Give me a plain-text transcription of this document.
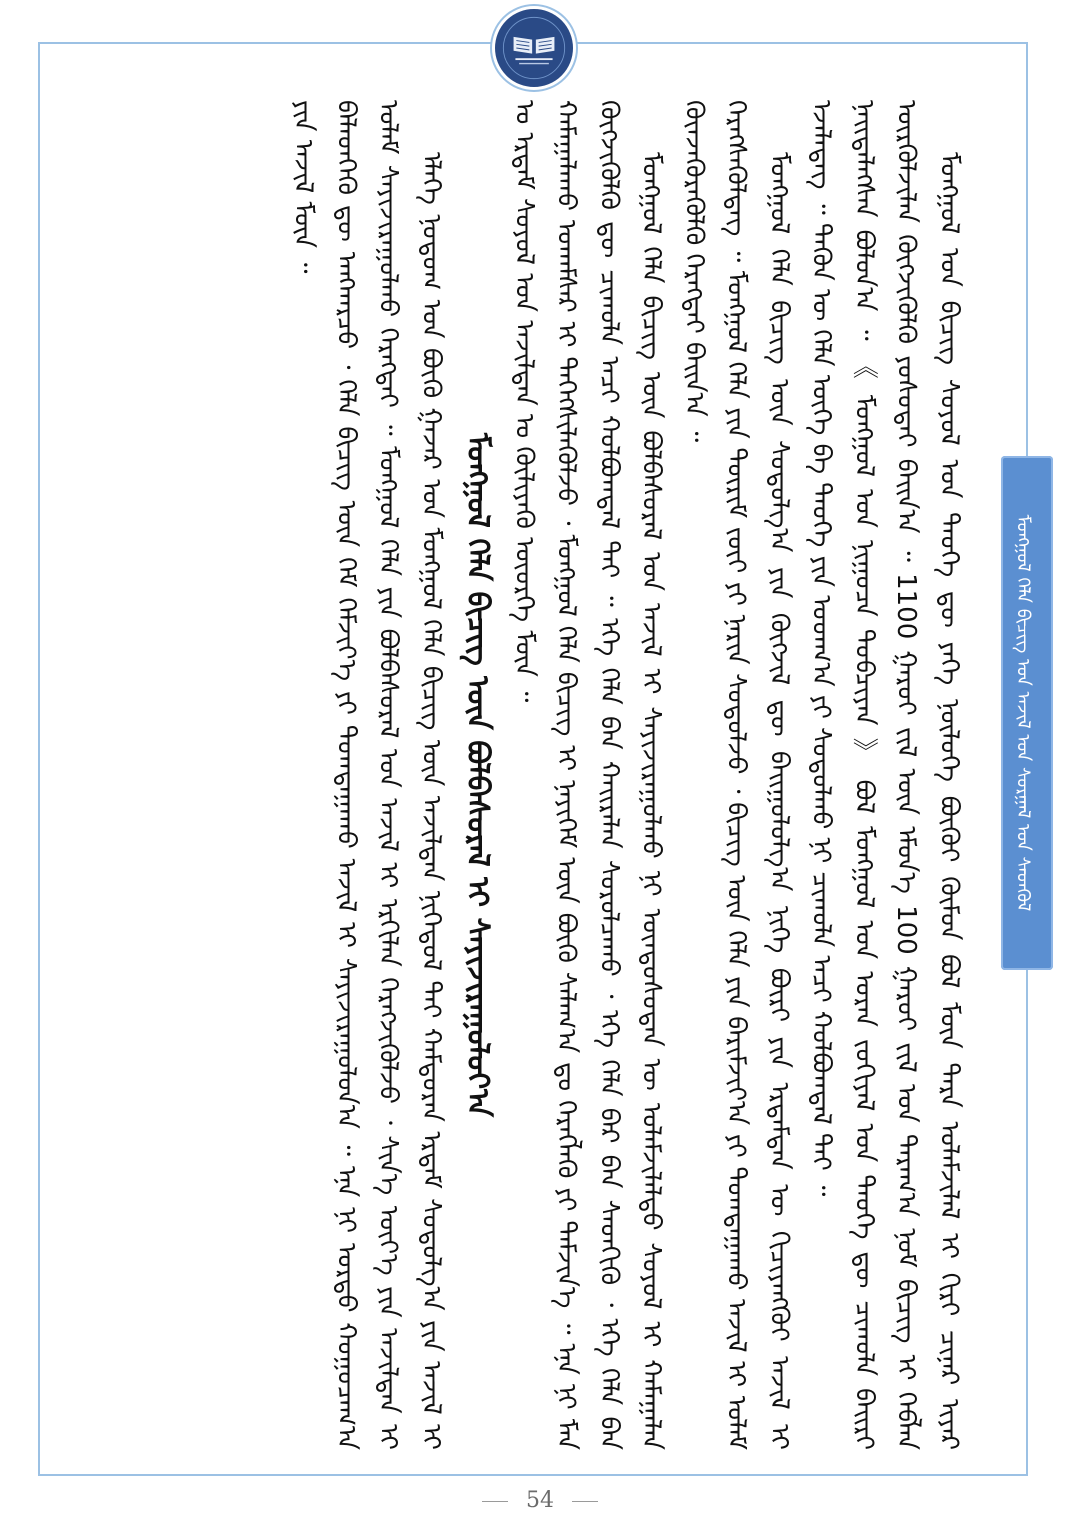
ᠮᠣᠩᠭᠣᠯ ᠬᠡᠯᠡ ᠪᠢᠴᠢᠭ ᠤᠨ ᠠᠵᠢᠯ ᠤᠨ ᠰᠤᠷᠭᠠᠯ ᠤᠨ ᠰᠡᠳᠬᠦᠯ

ᠮᠣᠩᠭᠣᠯ ᠤᠨ ᠪᠢᠴᠢᠭ ᠰᠣᠶᠣᠯ ᠤᠨ ᠲᠡᠦᠬᠡ ᠳᠦ ᠶᠡᠬᠡ ᠨᠥᠯᠦᠭᠡ ᠪᠦᠬᠦᠢ ᠬᠦᠮᠦᠨ ᠪᠣᠯ ᠮᠥᠨ ᠲᠡᠷᠡ ᠤᠯᠠᠮᠵᠢᠯᠠᠯ ᠢ ᠬᠢᠷᠢ ᠴᠢᠨᠠᠷ ᠢᠶᠠᠷ ᠦᠷᠭᠦᠯᠵᠢᠯᠡᠨ ᠬᠥᠭᠵᠢᠭᠦᠯᠬᠦ ᠶᠤᠰᠤᠲᠠᠢ ᠪᠠᠢᠨ᠎ᠠ ᠃ 1100 ᠭᠠᠷᠤᠢ ᠵᠢᠯ ᠦᠨ ᠡᠮᠦᠨ᠎ᠡ 100 ᠭᠠᠷᠤᠢ ᠵᠢᠯ ᠤᠨ ᠳᠠᠷᠠᠭ᠎ᠠ ᠨᠣᠮ ᠪᠢᠴᠢᠭ ᠢ ᠬᠡᠪᠯᠡᠨ ᠨᠡᠢᠲᠡᠯᠡᠭᠰᠡᠨ ᠪᠣᠯᠤᠨ᠎ᠠ ᠃ 《 ᠮᠣᠩᠭᠣᠯ ᠤᠨ ᠨᠢᠭᠤᠴᠠ ᠲᠣᠪᠴᠢᠶᠠᠨ 》 ᠪᠣᠯ ᠮᠣᠩᠭᠣᠯ ᠤᠨ ᠤᠷᠠᠨ ᠵᠣᠬᠢᠶᠠᠯ ᠤᠨ ᠲᠡᠦᠬᠡ ᠳᠦ ᠴᠢᠬᠤᠯᠠ ᠪᠠᠢᠷᠢ ᠡᠵᠡᠯᠡᠳᠡᠭ ᠃ ᠲᠡᠭᠦᠨ ᠦ ᠬᠡᠯᠡ ᠦᠭᠡ ᠪᠠ ᠲᠡᠦᠬᠡ ᠶᠢᠨ ᠤᠳᠬ᠎ᠠ ᠶᠢ ᠰᠤᠳᠤᠯᠬᠤ ᠨᠢ ᠴᠢᠬᠤᠯᠠ ᠠᠴᠢ ᠬᠣᠯᠪᠣᠭᠳᠠᠯ ᠲᠠᠢ ᠃

ᠮᠣᠩᠭᠣᠯ ᠬᠡᠯᠡ ᠪᠢᠴᠢᠭ ᠦᠨ ᠰᠤᠳᠤᠯᠭ᠎ᠠ ᠶᠢᠨ ᠬᠥᠭᠵᠢᠯ ᠳᠦ ᠪᠠᠢᠭᠤᠯᠤᠯᠭ᠎ᠠ ᠨᠢᠭᠡ ᠪᠦᠷᠢ ᠶᠢᠨ ᠡᠷᠳᠡᠮᠲᠡᠨ ᠦ ᠬᠢᠴᠢᠶᠡᠩᠭᠦᠢ ᠠᠵᠢᠯ ᠢ ᠬᠡᠷᠡᠭᠰᠡᠭᠦᠯᠳᠡᠭ ᠃ ᠮᠣᠩᠭᠣᠯ ᠬᠡᠯᠡ ᠶᠢᠨ ᠳᠦᠷᠢᠮ ᠵᠦᠢ ᠶᠢ ᠨᠠᠷᠢᠨ ᠰᠤᠳᠤᠯᠵᠤ ᠂ ᠪᠢᠴᠢᠭ ᠦᠨ ᠬᠡᠯᠡ ᠶᠢᠨ ᠪᠠᠷᠢᠮᠵᠢᠶ᠎ᠠ ᠶᠢ ᠲᠣᠭᠲᠠᠭᠠᠬᠤ ᠠᠵᠢᠯ ᠢ ᠤᠯᠠᠮ ᠭᠦᠨᠵᠡᠭᠦᠷᠡᠭᠦᠯᠬᠦ ᠬᠡᠷᠡᠭᠲᠡᠢ ᠪᠠᠢᠨ᠎ᠠ ᠃

ᠮᠣᠩᠭᠣᠯ ᠬᠡᠯᠡ ᠪᠢᠴᠢᠭ ᠦᠨ ᠪᠣᠯᠪᠠᠰᠤᠷᠠᠯ ᠤᠨ ᠠᠵᠢᠯ ᠢ ᠰᠠᠶᠢᠵᠢᠷᠠᠭᠤᠯᠬᠤ ᠨᠢ ᠦᠨᠳᠦᠰᠦᠲᠡᠨ ᠦ ᠤᠯᠠᠮᠵᠢᠯᠠᠯᠲᠤ ᠰᠣᠶᠣᠯ ᠢ ᠬᠠᠮᠠᠭᠠᠯᠠᠨ ᠬᠥᠭᠵᠢᠭᠦᠯᠬᠦ ᠳᠦ ᠴᠢᠬᠤᠯᠠ ᠠᠴᠢ ᠬᠣᠯᠪᠣᠭᠳᠠᠯ ᠲᠠᠢ ᠃ ᠡᠬᠡ ᠬᠡᠯᠡ ᠪᠡᠨ ᠬᠠᠢᠷᠠᠯᠠᠨ ᠰᠤᠷᠤᠯᠴᠠᠬᠤ ᠂ ᠡᠬᠡ ᠬᠡᠯᠡ ᠪᠡᠷ ᠪᠠᠨ ᠰᠡᠳᠬᠢᠬᠦ ᠂ ᠡᠬᠡ ᠬᠡᠯᠡ ᠪᠡᠨ ᠬᠠᠮᠠᠭᠠᠯᠠᠬᠤ ᠤᠬᠠᠮᠰᠠᠷ ᠢ ᠳᠡᠭᠡᠭᠰᠢᠯᠡᠭᠦᠯᠵᠦ ᠂ ᠮᠣᠩᠭᠣᠯ ᠬᠡᠯᠡ ᠪᠢᠴᠢᠭ ᠢ ᠨᠡᠶᠢᠭᠡᠮ ᠦᠨ ᠪᠦᠬᠦ ᠰᠠᠯᠠᠭ᠎ᠠ ᠳᠤ ᠬᠡᠷᠡᠭᠯᠡᠬᠦ ᠶᠢ ᠳᠡᠮᠵᠢᠨ᠎ᠡ ᠃ ᠡᠨᠡ ᠨᠢ ᠮᠠᠨ ᠤ ᠡᠷᠳᠡᠮ ᠰᠣᠶᠣᠯ ᠤᠨ ᠠᠵᠢᠯᠲᠠᠨ ᠤ ᠬᠦᠯᠢᠶᠡᠬᠦ ᠦᠦᠷᠭᠡ ᠮᠥᠨ ᠃

ᠮᠣᠩᠭᠣᠯ ᠬᠡᠯᠡ ᠪᠢᠴᠢᠭ ᠦᠨ ᠪᠣᠯᠪᠠᠰᠤᠷᠠᠯ ᠢ ᠰᠠᠶᠢᠵᠢᠷᠠᠭᠤᠯᠤᠶ᠎ᠠ

ᠡᠯᠡᠭᠡ ᠨᠤᠲᠤᠭ ᠤᠨ ᠪᠦᠬᠦ ᠭᠠᠵᠠᠷ ᠤᠨ ᠮᠣᠩᠭᠣᠯ ᠬᠡᠯᠡ ᠪᠢᠴᠢᠭ ᠦᠨ ᠠᠵᠢᠯᠲᠠᠨ ᠨᠢᠭᠡᠳᠦᠯ ᠲᠡᠢ ᠬᠠᠮᠲᠤᠷᠠᠨ ᠡᠷᠳᠡᠮ ᠰᠤᠳᠤᠯᠭ᠎ᠠ ᠶᠢᠨ ᠠᠵᠢᠯ ᠢ ᠤᠯᠠᠮ ᠰᠠᠶᠢᠵᠢᠷᠠᠭᠤᠯᠬᠤ ᠬᠡᠷᠡᠭᠲᠡᠢ ᠃ ᠮᠣᠩᠭᠣᠯ ᠬᠡᠯᠡ ᠶᠢᠨ ᠪᠣᠯᠪᠠᠰᠤᠷᠠᠯ ᠤᠨ ᠠᠵᠢᠯ ᠢ ᠡᠷᠬᠢᠯᠡᠨ ᠬᠡᠷᠡᠭᠵᠢᠭᠦᠯᠵᠦ ᠂ ᠰᠢᠨ᠎ᠡ ᠦᠶ᠎ᠡ ᠶᠢᠨ ᠠᠵᠢᠯᠲᠠᠨ ᠢ ᠪᠡᠯᠡᠳᠬᠡᠬᠦ ᠳᠦ ᠠᠩᠬᠠᠷᠴᠤ ᠂ ᠬᠡᠯᠡ ᠪᠢᠴᠢᠭ ᠦᠨ ᠬᠡᠮ ᠬᠡᠮᠵᠢᠶ᠎ᠡ ᠶᠢ ᠲᠣᠭᠲᠠᠭᠠᠬᠤ ᠠᠵᠢᠯ ᠢ ᠰᠠᠶᠢᠵᠢᠷᠠᠭᠤᠯᠤᠨ᠎ᠠ ᠃ ᠡᠨᠡ ᠨᠢ ᠤᠷᠲᠤ ᠬᠤᠭᠤᠴᠠᠭ᠎ᠠ ᠶᠢᠨ ᠠᠵᠢᠯ ᠮᠥᠨ ᠃

54
